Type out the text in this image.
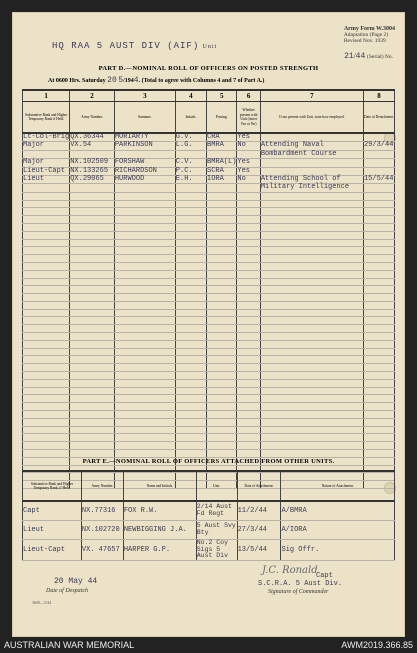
HQ RAA 5 AUST DIV (AIF) Unit
Army Form W.3004
Adaptation (Page 2)
Revised Nov. 1939
21/44 (Serial) No.
PART D.—NOMINAL ROLL OF OFFICERS ON POSTED STRENGTH
At 0600 Hrs. Saturday 20 5/1944. (Total to agree with Columns 4 and 7 of Part A.)
1	2	3	4	5	6	7	8
Substantive Rank and Higher Temporary Rank if Held.	Army Number.	Surname.	Initials.	Posting.	Whether present with Unit (insert Yes or No)	If not present with Unit, state how employed.	Date of Detachment.
Lt-Col-Brig	QX.36344	MORIARTY	G.V.	CRA	Yes		
Major	VX.54	PARKINSON	L.G.	BMRA	No	Attending Naval	29/3/44
						Bombardment Course	
Major	NX.102509	FORSHAW	C.V.	BMRA(L)	Yes		
Lieut-Capt	NX.133265	RICHARDSON	P.C.	SCRA	Yes		
Lieut	QX.29065	HURWOOD	E.H.	IORA	No	Attending School of	15/5/44
						Military Intelligence	

PART E.—NOMINAL ROLL OF OFFICERS ATTACHED FROM OTHER UNITS.
Substantive Rank and Higher Temporary Rank, if Held.	Army Number.	Name and Initials.	Unit.	Date of Attachment.	Nature of Attachment.
Capt	NX.77316	FOX R.W.	2/14 Aust Fd Regt	11/2/44	A/BMRA
Lieut	NX.102720	NEWBIGGING J.A.	5 Aust Svy Bty	27/3/44	A/IORA
Lieut-Capt	VX. 47657	HARPER G.P.	No.2 Coy Sigs 5 Aust Div	13/5/44	Sig Offr.
20 May 44
Date of Despatch
J.C. Ronald
Capt
S.C.R.A. 5 Aust Div.
Signature of Commander
3600—5/44
AUSTRALIAN WAR MEMORIAL	AWM2019.366.85
